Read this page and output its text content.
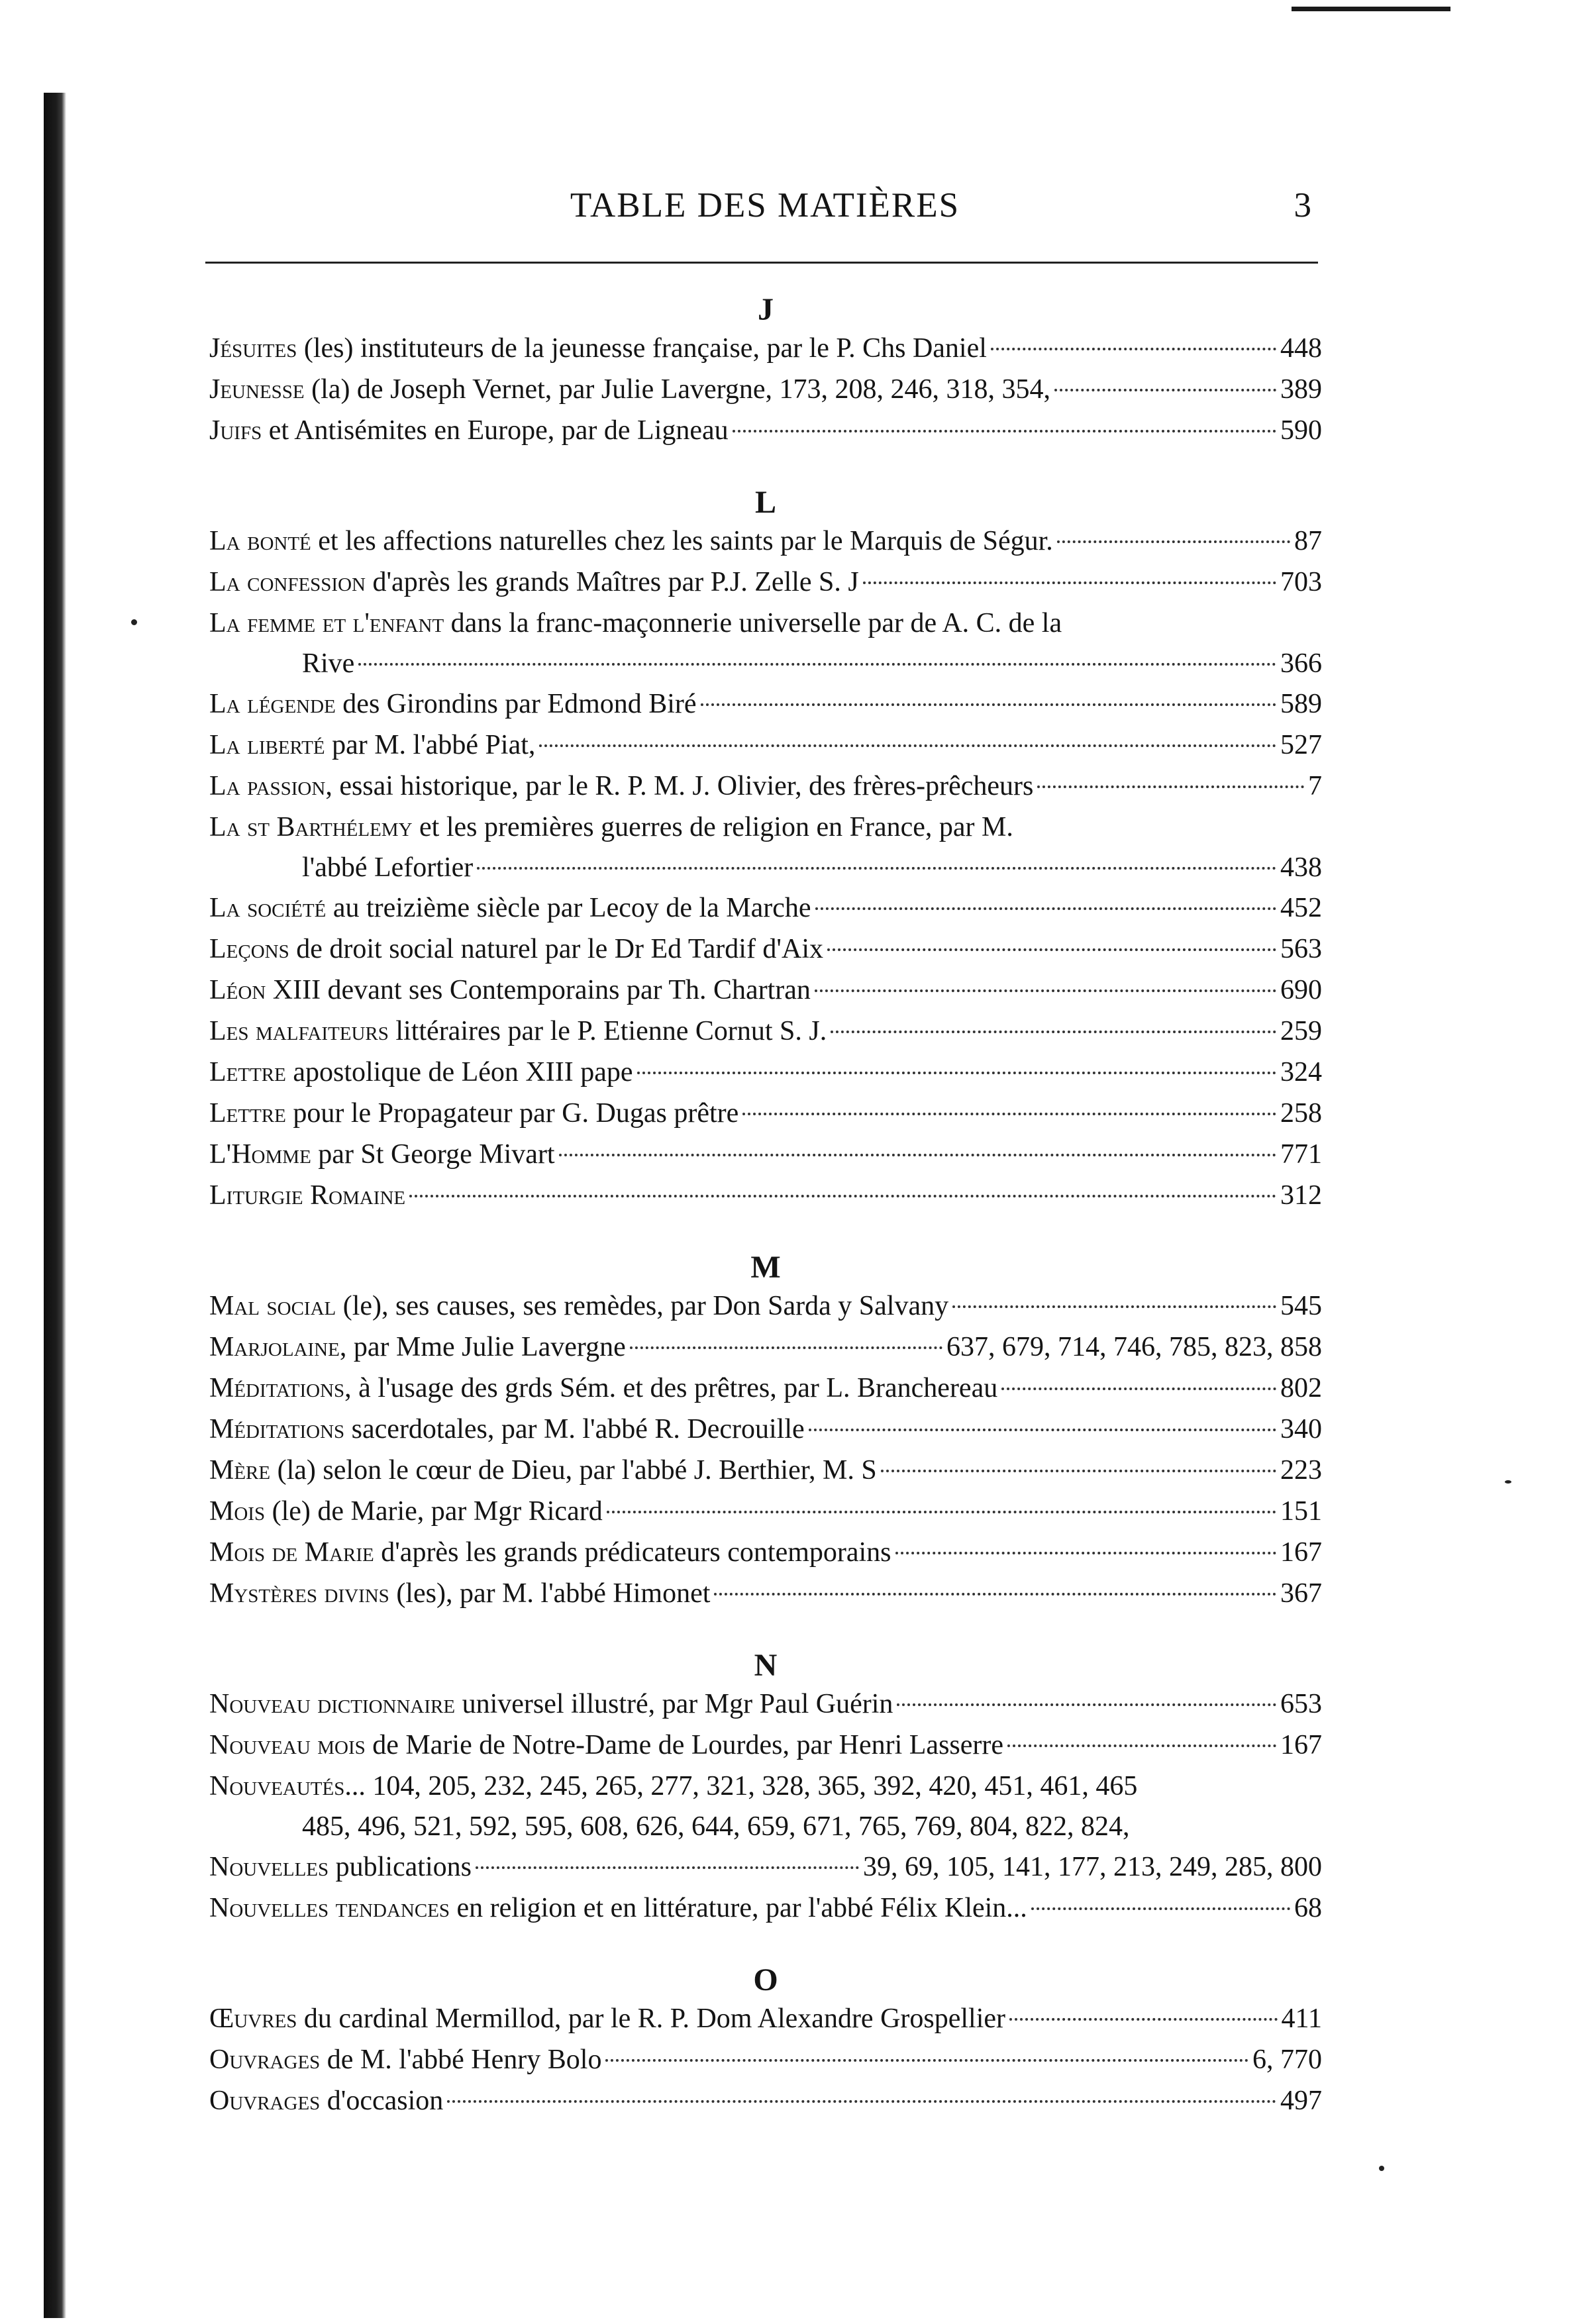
TABLE DES MATIÈRES	3

J

Jésuites (les) instituteurs de la jeunesse française, par le P. Chs Daniel	448

Jeunesse (la) de Joseph Vernet, par Julie Lavergne, 173, 208, 246, 318, 354,	389

Juifs et Antisémites en Europe, par de Ligneau	590

L

La bonté et les affections naturelles chez les saints par le Marquis de Ségur.	87

La confession d'après les grands Maîtres par P.J. Zelle S. J	703

La femme et l'enfant dans la franc-maçonnerie universelle par de A. C. de la

Rive	366

La légende des Girondins par Edmond Biré	589

La liberté par M. l'abbé Piat,	527

La passion, essai historique, par le R. P. M. J. Olivier, des frères-prêcheurs	7

La st Barthélemy et les premières guerres de religion en France, par M.

l'abbé Lefortier	438

La société au treizième siècle par Lecoy de la Marche	452

Leçons de droit social naturel par le Dr Ed Tardif d'Aix	563

Léon XIII devant ses Contemporains par Th. Chartran	690

Les malfaiteurs littéraires par le P. Etienne Cornut S. J.	259

Lettre apostolique de Léon XIII pape	324

Lettre pour le Propagateur par G. Dugas prêtre	258

L'Homme par St George Mivart	771

Liturgie Romaine	312

M

Mal social (le), ses causes, ses remèdes, par Don Sarda y Salvany	545

Marjolaine, par Mme Julie Lavergne	637, 679, 714, 746, 785, 823, 858

Méditations, à l'usage des grds Sém. et des prêtres, par L. Branchereau	802

Méditations sacerdotales, par M. l'abbé R. Decrouille	340

Mère (la) selon le cœur de Dieu, par l'abbé J. Berthier, M. S	223

Mois (le) de Marie, par Mgr Ricard	151

Mois de Marie d'après les grands prédicateurs contemporains	167

Mystères divins (les), par M. l'abbé Himonet	367

N

Nouveau dictionnaire universel illustré, par Mgr Paul Guérin	653

Nouveau mois de Marie de Notre-Dame de Lourdes, par Henri Lasserre	167

Nouveautés... 104, 205, 232, 245, 265, 277, 321, 328, 365, 392, 420, 451, 461, 465

485, 496, 521, 592, 595, 608, 626, 644, 659, 671, 765, 769, 804, 822, 824,

Nouvelles publications	39, 69, 105, 141, 177, 213, 249, 285, 800

Nouvelles tendances en religion et en littérature, par l'abbé Félix Klein...	68

O

Œuvres du cardinal Mermillod, par le R. P. Dom Alexandre Grospellier	411

Ouvrages de M. l'abbé Henry Bolo	6, 770

Ouvrages d'occasion	497
